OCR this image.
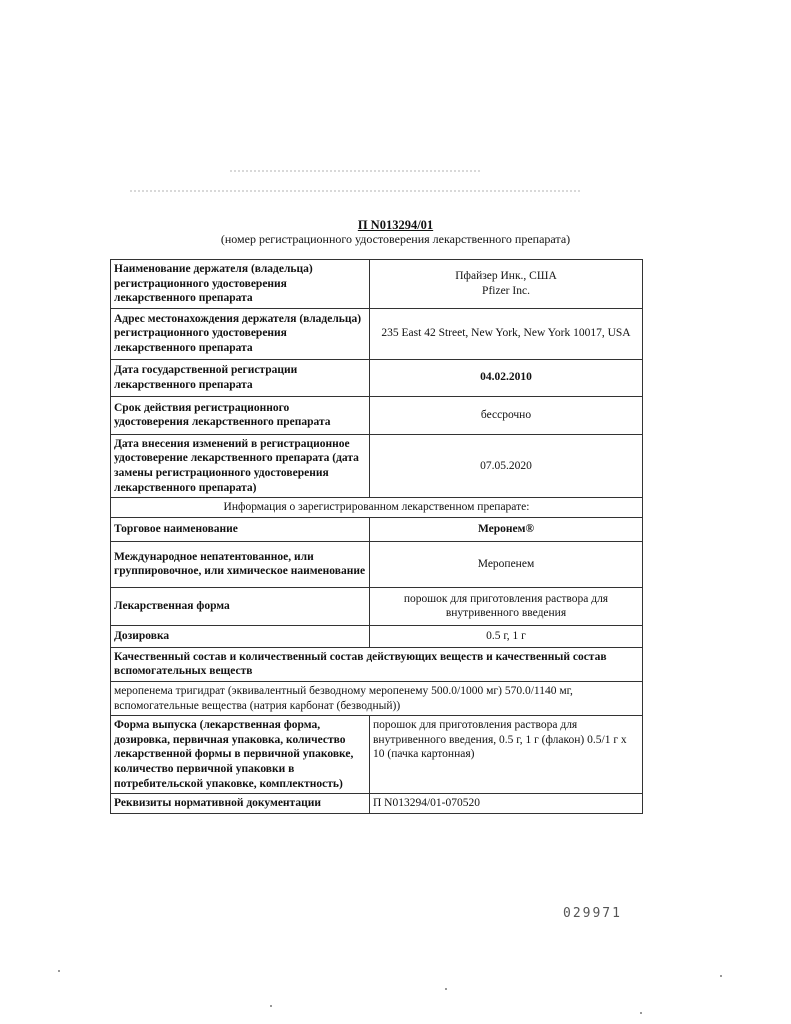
П N013294/01
(номер регистрационного удостоверения лекарственного препарата)
Наименование держателя (владельца) регистрационного удостоверения лекарственного препарата	Пфайзер Инк., США
Pfizer Inc.

Адрес местонахождения держателя (владельца) регистрационного удостоверения лекарственного препарата	235 East 42 Street, New York, New York 10017, USA
Дата государственной регистрации лекарственного препарата	04.02.2010
Срок действия регистрационного удостоверения лекарственного препарата	бессрочно
Дата внесения изменений в регистрационное удостоверение лекарственного препарата (дата замены регистрационного удостоверения лекарственного препарата)	07.05.2020
Информация о зарегистрированном лекарственном препарате:	
Торговое наименование	Меронем®
Международное непатентованное, или группировочное, или химическое наименование	Меропенем
Лекарственная форма	порошок для приготовления раствора для внутривенного введения
Дозировка	0.5 г, 1 г
Качественный состав и количественный состав действующих веществ и качественный состав вспомогательных веществ	
меропенема тригидрат (эквивалентный безводному меропенему 500.0/1000 мг) 570.0/1140 мг, вспомогательные вещества (натрия карбонат (безводный))	
Форма выпуска (лекарственная форма, дозировка, первичная упаковка, количество лекарственной формы в первичной упаковке, количество первичной упаковки в потребительской упаковке, комплектность)	порошок для приготовления раствора для внутривенного введения, 0.5 г, 1 г (флакон) 0.5/1 г х 10 (пачка картонная)
Реквизиты нормативной документации	П N013294/01-070520
029971
